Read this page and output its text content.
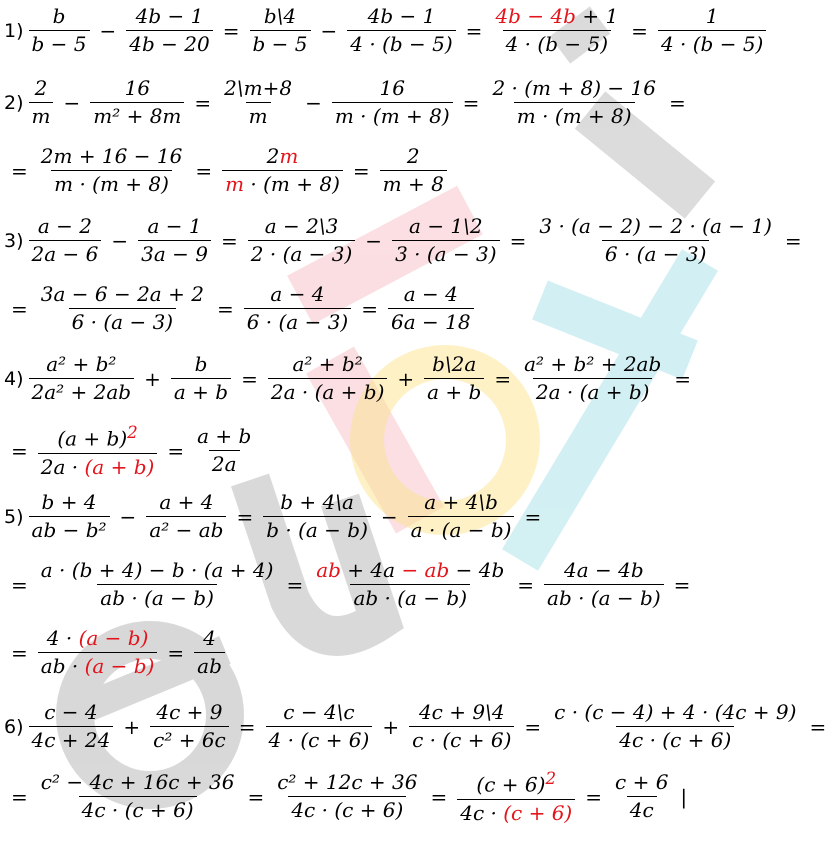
$1) \frac{b}{b - 5} - \frac{4b - 1}{4b - 20} = \frac{b\backslash 4}{b - 5} - \frac{4b - 1}{4 \cdot (b - 5)} = \frac{4b - 4b + 1}{4 \cdot (b - 5)} = \frac{1}{4 \cdot (b - 5)}$
$2) \frac{2}{m} - \frac{16}{\text{m² + 8m}} = \frac{2\backslash m+8}{m} - \frac{16}{m \cdot (m + 8)} = \frac{2 \cdot (m + 8) - 16}{m \cdot (m + 8)}$ =
= $\frac{2m + 16 - 16}{m \cdot (m + 8)} = \frac{2m}{m \cdot (m + 8)} = \frac{2}{m + 8}$
$3) \frac{a - 2}{2a - 6} - \frac{a - 1}{3a - 9} = \frac{a - 2\backslash 3}{2 \cdot (a - 3)} - \frac{a - 1\backslash 2}{3 \cdot (a - 3)} = \frac{3 \cdot (a - 2) - 2 \cdot (a - 1)}{6 \cdot (a - 3)}$ =
= $\frac{3a - 6 - 2a + 2}{6 \cdot (a - 3)} = \frac{a - 4}{6 \cdot (a - 3)} = \frac{a - 4}{6a - 18}$
$4) \frac{\text{a² + b²}}{\text{2a² + 2ab}} + \frac{b}{a + b} = \frac{\text{a² + b²}}{2a \cdot (a + b)} + \frac{b\backslash 2a}{a + b} = \frac{\text{a² + b² + 2ab}}{2a \cdot (a + b)}$ =
= $\frac{(a + b)^2}{2a \cdot (a + b)} = \frac{a + b}{2a}$
$5) \frac{b + 4}{\text{ab − b²}} - \frac{a + 4}{\text{a² − ab}} = \frac{b + 4\backslash a}{b \cdot (a - b)} - \frac{a + 4\backslash b}{a \cdot (a - b)}$ =
= $\frac{a \cdot (b + 4) - b \cdot (a + 4)}{ab \cdot (a - b)} = \frac{ab + 4a - ab - 4b}{ab \cdot (a - b)} = \frac{4a - 4b}{ab \cdot (a - b)}$ =
= $\frac{4 \cdot (a - b)}{ab \cdot (a - b)} = \frac{4}{ab}$
$6) \frac{c - 4}{4c + 24} + \frac{4c + 9}{\text{c² + 6c}} = \frac{c - 4\backslash c}{4 \cdot (c + 6)} + \frac{4c + 9\backslash 4}{c \cdot (c + 6)} = \frac{c \cdot (c - 4) + 4 \cdot (4c + 9)}{4c \cdot (c + 6)}$ =
= $\frac{\text{c² − 4c + 16c + 36}}{4c \cdot (c + 6)} = \frac{\text{c² + 12c + 36}}{4c \cdot (c + 6)} = \frac{(c + 6)^2}{4c \cdot (c + 6)} = \frac{c + 6}{4c}$ |
